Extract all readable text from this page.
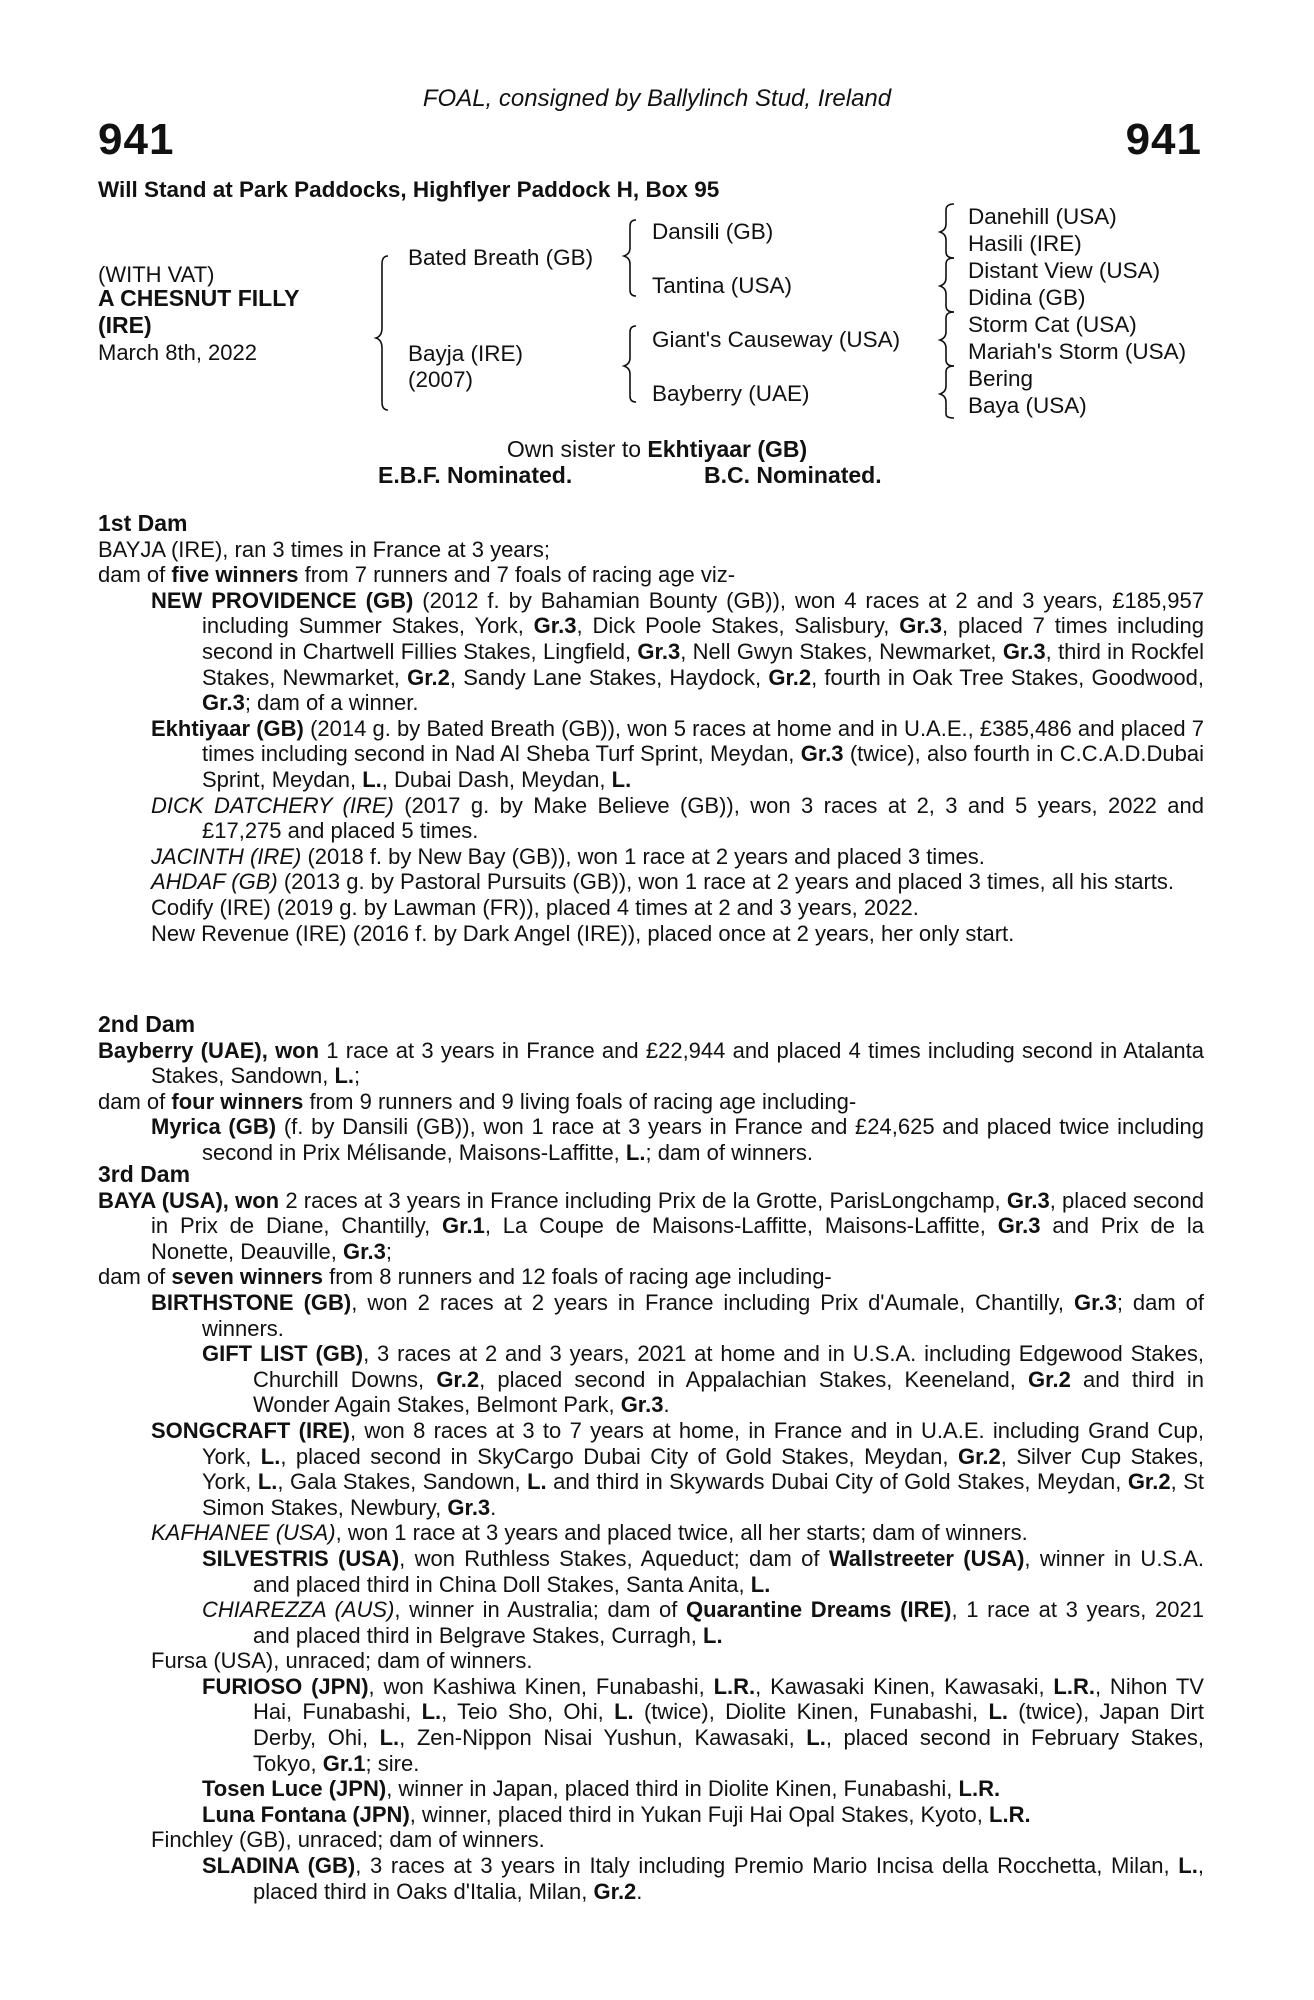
FOAL, consigned by Ballylinch Stud, Ireland
941	941
Will Stand at Park Paddocks, Highflyer Paddock H, Box 95
(WITH VAT)
A CHESNUT FILLY
(IRE)
March 8th, 2022
Bated Breath (GB)
Bayja (IRE)
(2007)
Dansili (GB)
Tantina (USA)
Giant's Causeway (USA)
Bayberry (UAE)
Danehill (USA)
Hasili (IRE)
Distant View (USA)
Didina (GB)
Storm Cat (USA)
Mariah's Storm (USA)
Bering
Baya (USA)
Own sister to Ekhtiyaar (GB)
E.B.F. Nominated.	B.C. Nominated.
1st Dam
BAYJA (IRE), ran 3 times in France at 3 years;
dam of five winners from 7 runners and 7 foals of racing age viz-
NEW PROVIDENCE (GB) (2012 f. by Bahamian Bounty (GB)), won 4 races at 2 and 3 years, £185,957 including Summer Stakes, York, Gr.3, Dick Poole Stakes, Salisbury, Gr.3, placed 7 times including second in Chartwell Fillies Stakes, Lingfield, Gr.3, Nell Gwyn Stakes, Newmarket, Gr.3, third in Rockfel Stakes, Newmarket, Gr.2, Sandy Lane Stakes, Haydock, Gr.2, fourth in Oak Tree Stakes, Goodwood, Gr.3; dam of a winner.
Ekhtiyaar (GB) (2014 g. by Bated Breath (GB)), won 5 races at home and in U.A.E., £385,486 and placed 7 times including second in Nad Al Sheba Turf Sprint, Meydan, Gr.3 (twice), also fourth in C.C.A.D.Dubai Sprint, Meydan, L., Dubai Dash, Meydan, L.
DICK DATCHERY (IRE) (2017 g. by Make Believe (GB)), won 3 races at 2, 3 and 5 years, 2022 and £17,275 and placed 5 times.
JACINTH (IRE) (2018 f. by New Bay (GB)), won 1 race at 2 years and placed 3 times.
AHDAF (GB) (2013 g. by Pastoral Pursuits (GB)), won 1 race at 2 years and placed 3 times, all his starts.
Codify (IRE) (2019 g. by Lawman (FR)), placed 4 times at 2 and 3 years, 2022.
New Revenue (IRE) (2016 f. by Dark Angel (IRE)), placed once at 2 years, her only start.
2nd Dam
Bayberry (UAE), won 1 race at 3 years in France and £22,944 and placed 4 times including second in Atalanta Stakes, Sandown, L.;
dam of four winners from 9 runners and 9 living foals of racing age including-
Myrica (GB) (f. by Dansili (GB)), won 1 race at 3 years in France and £24,625 and placed twice including second in Prix Mélisande, Maisons-Laffitte, L.; dam of winners.
3rd Dam
BAYA (USA), won 2 races at 3 years in France including Prix de la Grotte, ParisLongchamp, Gr.3, placed second in Prix de Diane, Chantilly, Gr.1, La Coupe de Maisons-Laffitte, Maisons-Laffitte, Gr.3 and Prix de la Nonette, Deauville, Gr.3;
dam of seven winners from 8 runners and 12 foals of racing age including-
BIRTHSTONE (GB), won 2 races at 2 years in France including Prix d'Aumale, Chantilly, Gr.3; dam of winners.
GIFT LIST (GB), 3 races at 2 and 3 years, 2021 at home and in U.S.A. including Edgewood Stakes, Churchill Downs, Gr.2, placed second in Appalachian Stakes, Keeneland, Gr.2 and third in Wonder Again Stakes, Belmont Park, Gr.3.
SONGCRAFT (IRE), won 8 races at 3 to 7 years at home, in France and in U.A.E. including Grand Cup, York, L., placed second in SkyCargo Dubai City of Gold Stakes, Meydan, Gr.2, Silver Cup Stakes, York, L., Gala Stakes, Sandown, L. and third in Skywards Dubai City of Gold Stakes, Meydan, Gr.2, St Simon Stakes, Newbury, Gr.3.
KAFHANEE (USA), won 1 race at 3 years and placed twice, all her starts; dam of winners.
SILVESTRIS (USA), won Ruthless Stakes, Aqueduct; dam of Wallstreeter (USA), winner in U.S.A. and placed third in China Doll Stakes, Santa Anita, L.
CHIAREZZA (AUS), winner in Australia; dam of Quarantine Dreams (IRE), 1 race at 3 years, 2021 and placed third in Belgrave Stakes, Curragh, L.
Fursa (USA), unraced; dam of winners.
FURIOSO (JPN), won Kashiwa Kinen, Funabashi, L.R., Kawasaki Kinen, Kawasaki, L.R., Nihon TV Hai, Funabashi, L., Teio Sho, Ohi, L. (twice), Diolite Kinen, Funabashi, L. (twice), Japan Dirt Derby, Ohi, L., Zen-Nippon Nisai Yushun, Kawasaki, L., placed second in February Stakes, Tokyo, Gr.1; sire.
Tosen Luce (JPN), winner in Japan, placed third in Diolite Kinen, Funabashi, L.R.
Luna Fontana (JPN), winner, placed third in Yukan Fuji Hai Opal Stakes, Kyoto, L.R.
Finchley (GB), unraced; dam of winners.
SLADINA (GB), 3 races at 3 years in Italy including Premio Mario Incisa della Rocchetta, Milan, L., placed third in Oaks d'Italia, Milan, Gr.2.
